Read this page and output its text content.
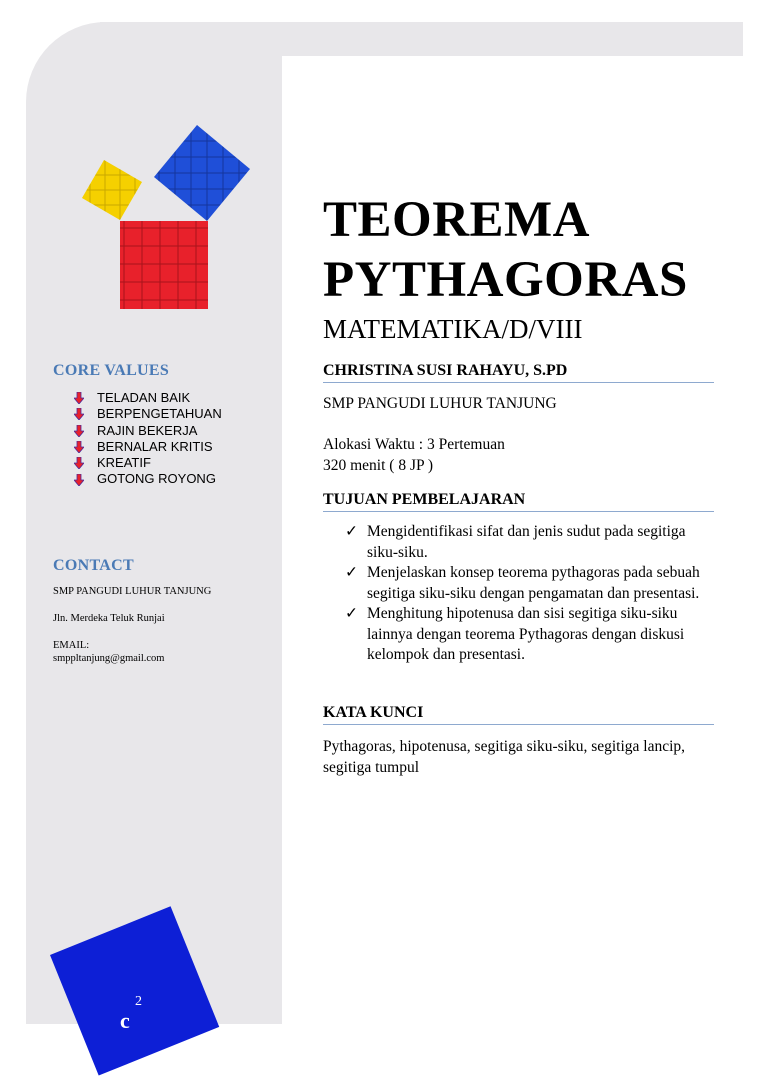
CORE VALUES
TELADAN BAIK
BERPENGETAHUAN
RAJIN BEKERJA
BERNALAR KRITIS
KREATIF
GOTONG ROYONG
CONTACT

SMP PANGUDI LUHUR TANJUNG

Jln. Merdeka Teluk Runjai

EMAIL:

smppltanjung@gmail.com

TEOREMA
PYTHAGORAS

MATEMATIKA/D/VIII

CHRISTINA SUSI RAHAYU, S.PD

SMP PANGUDI LUHUR TANJUNG

Alokasi Waktu : 3 Pertemuan

320 menit ( 8 JP )

TUJUAN PEMBELAJARAN
✓ Mengidentifikasi sifat dan jenis sudut pada segitiga siku-siku.
✓ Menjelaskan konsep teorema pythagoras pada sebuah segitiga siku-siku dengan pengamatan dan presentasi.
✓ Menghitung hipotenusa dan sisi segitiga siku-siku lainnya dengan teorema Pythagoras dengan diskusi kelompok dan presentasi.
KATA KUNCI

Pythagoras, hipotenusa, segitiga siku-siku, segitiga lancip, segitiga tumpul

2
c
